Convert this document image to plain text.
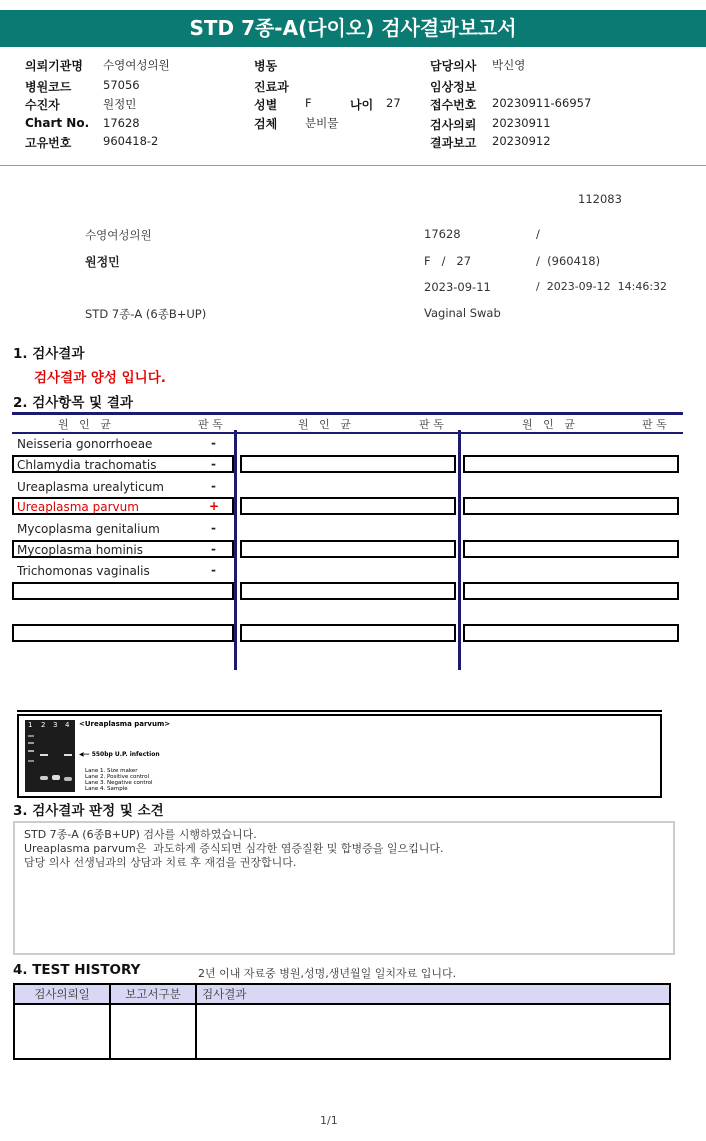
STD 7종-A(다이오) 검사결과보고서
의뢰기관명 수영여성의원
병원코드	57056
수진자	원정민
Chart No. 17628
고유번호	960418-2
병동
진료과
성별 F	나이 27
검체 분비물
담당의사 박신영
임상정보
접수번호 20230911-66957
검사의뢰 20230911
결과보고 20230912
112083
수영여성의원	17628	/
원정민	F   /   27	/  (960418)
2023-09-11	/  2023-09-12  14:46:32
STD 7종-A (6종B+UP)	Vaginal Swab
1. 검사결과
검사결과 양성 입니다.
2. 검사항목 및 결과
원   인   균	판 독	원   인   균	판 독	원   인   균	판 독
Neisseria gonorrhoeae	-
Chlamydia trachomatis	-
Ureaplasma urealyticum	-
Ureaplasma parvum	+
Mycoplasma genitalium	-
Mycoplasma hominis	-
Trichomonas vaginalis	-
1 2 3 4 <Ureaplasma parvum>
◀— 550bp U.P. infection
Lane 1. Size maker
Lane 2. Positive control
Lane 3. Negative control
Lane 4. Sample
3. 검사결과 판정 및 소견
STD 7종-A (6종B+UP) 검사를 시행하였습니다.
Ureaplasma parvum은  과도하게 증식되면 심각한 염증질환 및 합병증을 일으킵니다.
담당 의사 선생님과의 상담과 치료 후 재검을 권장합니다.
4. TEST HISTORY	2년 이내 자료중 병원,성명,생년월일 일치자료 입니다.
검사의뢰일	보고서구분	검사결과

1/1
